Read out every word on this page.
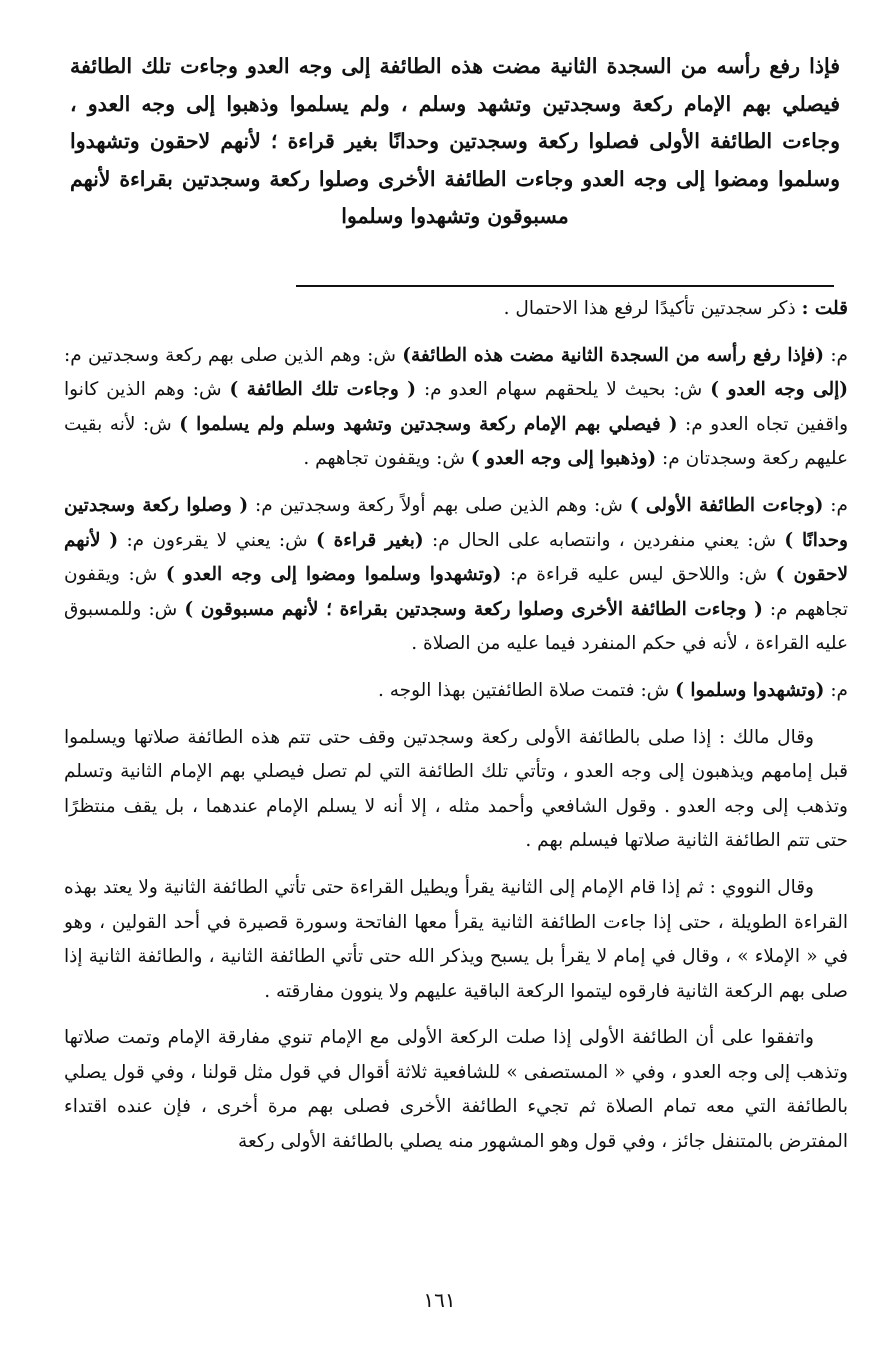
فإذا رفع رأسه من السجدة الثانية مضت هذه الطائفة إلى وجه العدو وجاءت تلك الطائفة فيصلي بهم الإمام ركعة وسجدتين وتشهد وسلم ، ولم يسلموا وذهبوا إلى وجه العدو ، وجاءت الطائفة الأولى فصلوا ركعة وسجدتين وحدانًا بغير قراءة ؛ لأنهم لاحقون وتشهدوا وسلموا ومضوا إلى وجه العدو وجاءت الطائفة الأخرى وصلوا ركعة وسجدتين بقراءة لأنهم مسبوقون وتشهدوا وسلموا

قلت : ذكر سجدتين تأكيدًا لرفع هذا الاحتمال .

م: (فإذا رفع رأسه من السجدة الثانية مضت هذه الطائفة) ش: وهم الذين صلى بهم ركعة وسجدتين م: (إلى وجه العدو ) ش: بحيث لا يلحقهم سهام العدو م: ( وجاءت تلك الطائفة ) ش: وهم الذين كانوا واقفين تجاه العدو م: ( فيصلي بهم الإمام ركعة وسجدتين وتشهد وسلم ولم يسلموا ) ش: لأنه بقيت عليهم ركعة وسجدتان م: (وذهبوا إلى وجه العدو ) ش: ويقفون تجاههم .

م: (وجاءت الطائفة الأولى ) ش: وهم الذين صلى بهم أولاً ركعة وسجدتين م: ( وصلوا ركعة وسجدتين وحدانًا ) ش: يعني منفردين ، وانتصابه على الحال م: (بغير قراءة ) ش: يعني لا يقرءون م: ( لأنهم لاحقون ) ش: واللاحق ليس عليه قراءة م: (وتشهدوا وسلموا ومضوا إلى وجه العدو ) ش: ويقفون تجاههم م: ( وجاءت الطائفة الأخرى وصلوا ركعة وسجدتين بقراءة ؛ لأنهم مسبوقون ) ش: وللمسبوق عليه القراءة ، لأنه في حكم المنفرد فيما عليه من الصلاة .

م: (وتشهدوا وسلموا ) ش: فتمت صلاة الطائفتين بهذا الوجه .

وقال مالك : إذا صلى بالطائفة الأولى ركعة وسجدتين وقف حتى تتم هذه الطائفة صلاتها ويسلموا قبل إمامهم ويذهبون إلى وجه العدو ، وتأتي تلك الطائفة التي لم تصل فيصلي بهم الإمام الثانية وتسلم وتذهب إلى وجه العدو . وقول الشافعي وأحمد مثله ، إلا أنه لا يسلم الإمام عندهما ، بل يقف منتظرًا حتى تتم الطائفة الثانية صلاتها فيسلم بهم .

وقال النووي : ثم إذا قام الإمام إلى الثانية يقرأ ويطيل القراءة حتى تأتي الطائفة الثانية ولا يعتد بهذه القراءة الطويلة ، حتى إذا جاءت الطائفة الثانية يقرأ معها الفاتحة وسورة قصيرة في أحد القولين ، وهو في « الإملاء » ، وقال في إمام لا يقرأ بل يسبح ويذكر الله حتى تأتي الطائفة الثانية ، والطائفة الثانية إذا صلى بهم الركعة الثانية فارقوه ليتموا الركعة الباقية عليهم ولا ينوون مفارقته .

واتفقوا على أن الطائفة الأولى إذا صلت الركعة الأولى مع الإمام تنوي مفارقة الإمام وتمت صلاتها وتذهب إلى وجه العدو ، وفي « المستصفى » للشافعية ثلاثة أقوال في قول مثل قولنا ، وفي قول يصلي بالطائفة التي معه تمام الصلاة ثم تجيء الطائفة الأخرى فصلى بهم مرة أخرى ، فإن عنده اقتداء المفترض بالمتنفل جائز ، وفي قول وهو المشهور منه يصلي بالطائفة الأولى ركعة

١٦١
